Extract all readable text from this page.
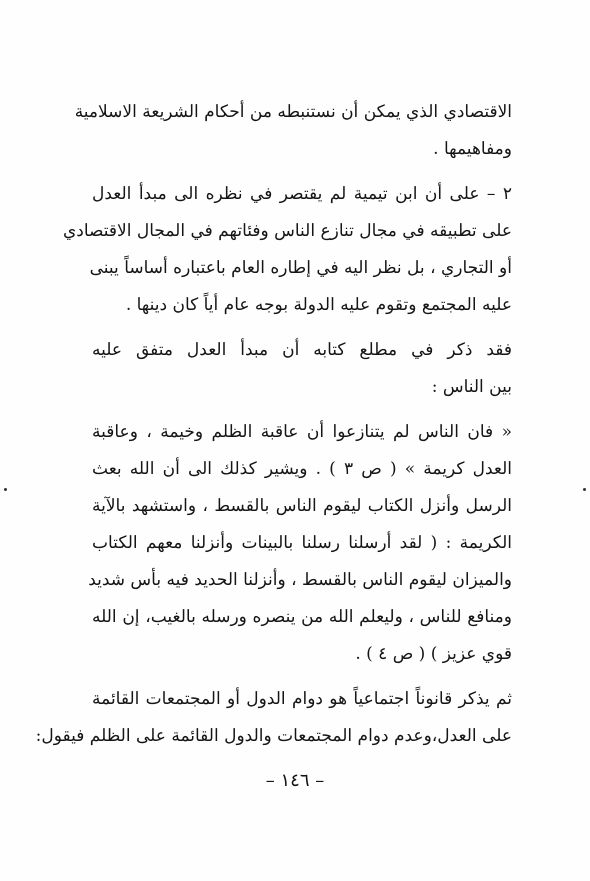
الاقتصادي الذي يمكن أن نستنبطه من أحكام الشريعة الاسلامية
ومفاهيمها .
٢ – على أن ابن تيمية لم يقتصر في نظره الى مبدأ العدل
على تطبيقه في مجال تنازع الناس وفئاتهم في المجال الاقتصادي
أو التجاري ، بل نظر اليه في إطاره العام باعتباره أساساً يبنى
عليه المجتمع وتقوم عليه الدولة بوجه عام أياً كان دينها .
فقد ذكر في مطلع كتابه أن مبدأ العدل متفق عليه
بين الناس :
« فان الناس لم يتنازعوا أن عاقبة الظلم وخيمة ، وعاقبة
العدل كريمة » ( ص ٣ ) . ويشير كذلك الى أن الله بعث
الرسل وأنزل الكتاب ليقوم الناس بالقسط ، واستشهد بالآية
الكريمة : ( لقد أرسلنا رسلنا بالبينات وأنزلنا معهم الكتاب
والميزان ليقوم الناس بالقسط ، وأنزلنا الحديد فيه بأس شديد
ومنافع للناس ، وليعلم الله من ينصره ورسله بالغيب، إن الله
قوي عزيز ) ( ص ٤ ) .
ثم يذكر قانوناً اجتماعياً هو دوام الدول أو المجتمعات القائمة
على العدل،وعدم دوام المجتمعات والدول القائمة على الظلم فيقول:
– ١٤٦ –
